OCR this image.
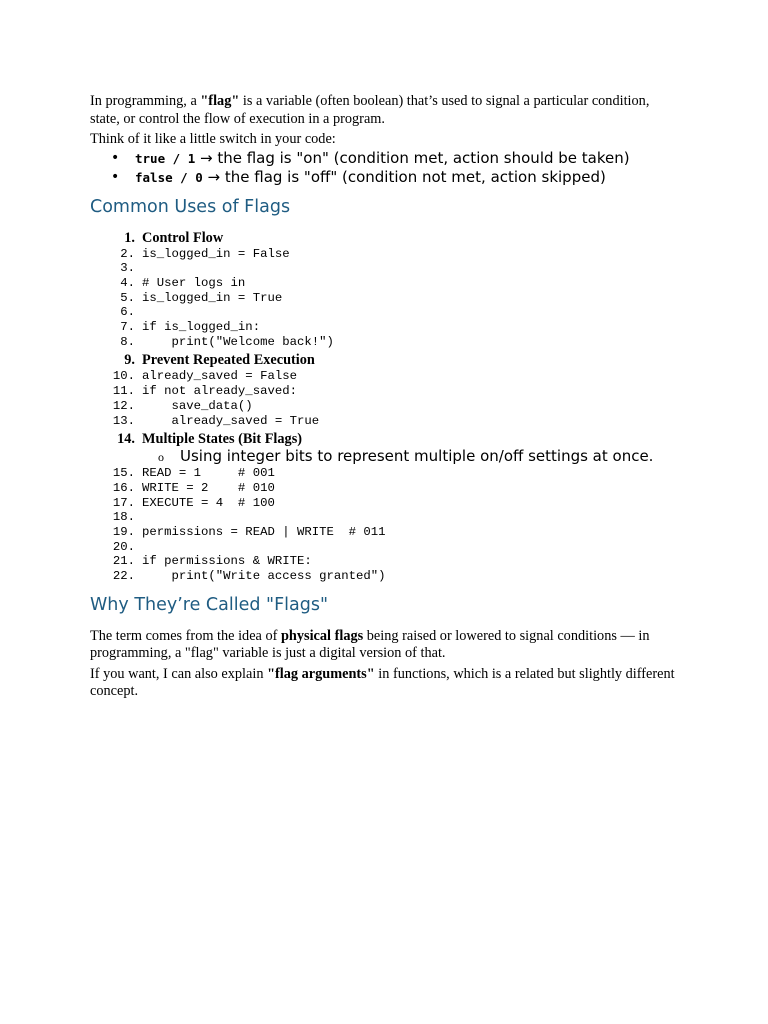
In programming, a "flag" is a variable (often boolean) that’s used to signal a particular condition, state, or control the flow of execution in a program.

Think of it like a little switch in your code:

• true / 1 → the flag is "on" (condition met, action should be taken)
• false / 0 → the flag is "off" (condition not met, action skipped)
Common Uses of Flags
1. Control Flow
2. is_logged_in = False
3.
4. # User logs in
5. is_logged_in = True
6.
7. if is_logged_in:
8. print("Welcome back!")
9. Prevent Repeated Execution
10. already_saved = False
11. if not already_saved:
12. save_data()
13. already_saved = True
14. Multiple States (Bit Flags)
o Using integer bits to represent multiple on/off settings at once.
15. READ = 1     # 001
16. WRITE = 2    # 010
17. EXECUTE = 4  # 100
18.
19. permissions = READ | WRITE  # 011
20.
21. if permissions & WRITE:
22. print("Write access granted")
Why They’re Called "Flags"

The term comes from the idea of physical flags being raised or lowered to signal conditions — in programming, a "flag" variable is just a digital version of that.

If you want, I can also explain "flag arguments" in functions, which is a related but slightly different concept.
